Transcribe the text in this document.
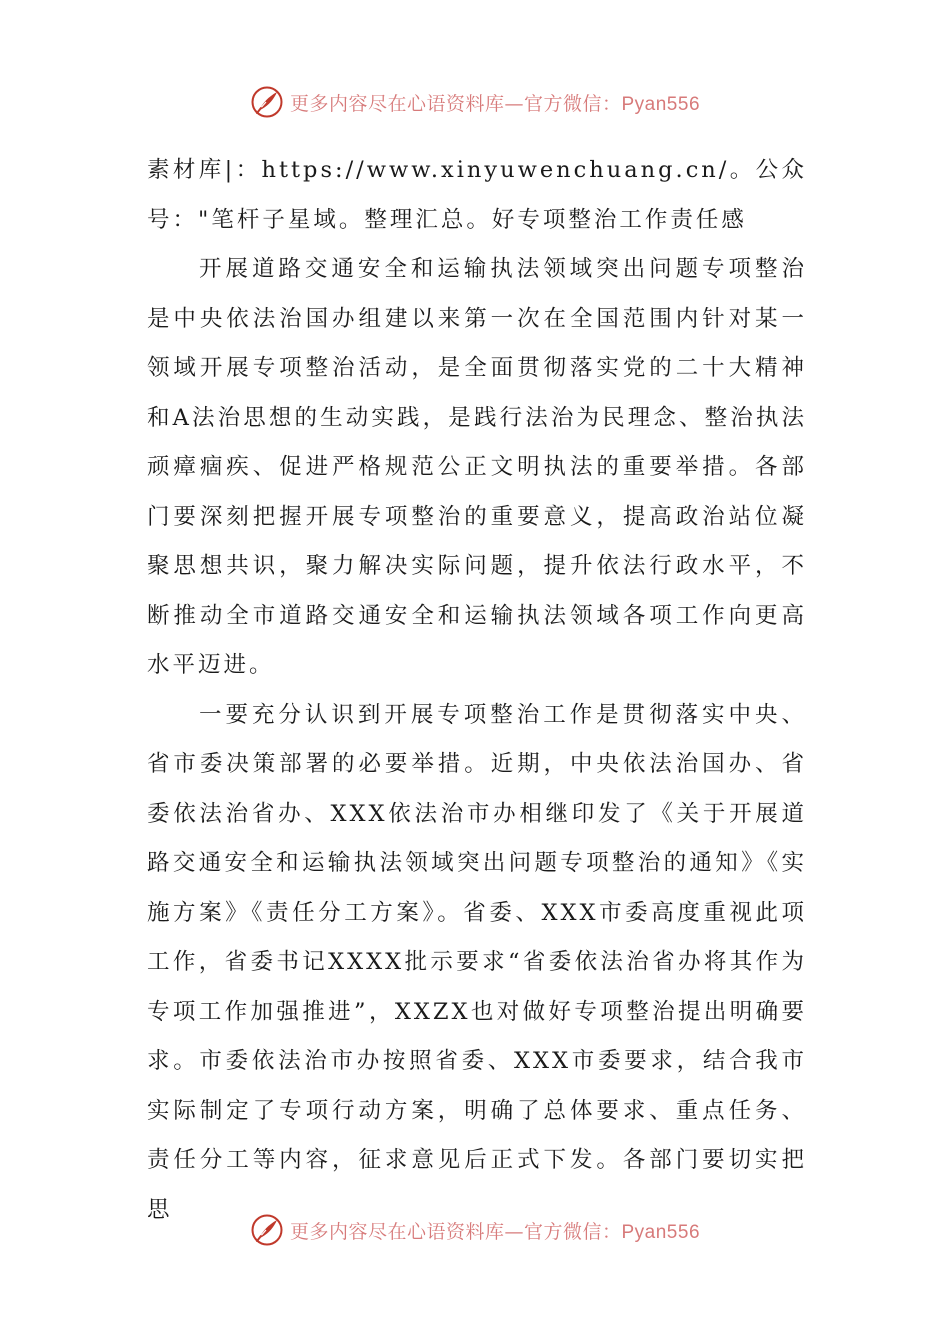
更多内容尽在心语资料库—官方微信：Pyan556

素材库|：https://www.xinyuwenchuang.cn/。公众号："笔杆子星域。整理汇总。好专项整治工作责任感

开展道路交通安全和运输执法领域突出问题专项整治是中央依法治国办组建以来第一次在全国范围内针对某一领域开展专项整治活动，是全面贯彻落实党的二十大精神和A法治思想的生动实践，是践行法治为民理念、整治执法顽瘴痼疾、促进严格规范公正文明执法的重要举措。各部门要深刻把握开展专项整治的重要意义，提高政治站位凝聚思想共识，聚力解决实际问题，提升依法行政水平，不断推动全市道路交通安全和运输执法领域各项工作向更高水平迈进。

一要充分认识到开展专项整治工作是贯彻落实中央、省市委决策部署的必要举措。近期，中央依法治国办、省委依法治省办、XXX依法治市办相继印发了《关于开展道路交通安全和运输执法领域突出问题专项整治的通知》《实施方案》《责任分工方案》。省委、XXX市委高度重视此项工作，省委书记XXXX批示要求“省委依法治省办将其作为专项工作加强推进”，XXZX也对做好专项整治提出明确要求。市委依法治市办按照省委、XXX市委要求，结合我市实际制定了专项行动方案，明确了总体要求、重点任务、责任分工等内容，征求意见后正式下发。各部门要切实把思

更多内容尽在心语资料库—官方微信：Pyan556
